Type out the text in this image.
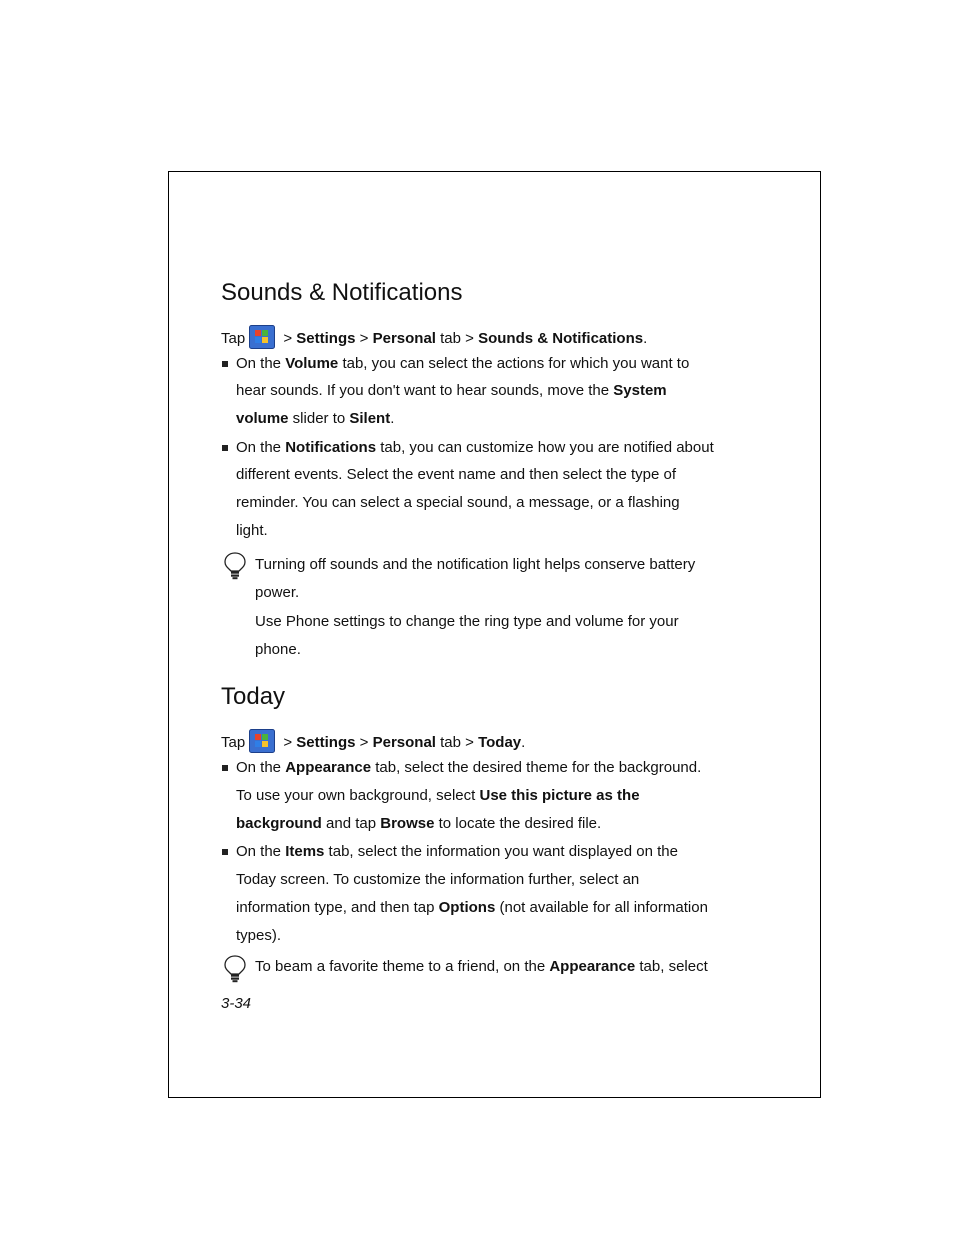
Sounds & Notifications
Tap > Settings > Personal tab > Sounds & Notifications.
On the Volume tab, you can select the actions for which you want to
hear sounds. If you don't want to hear sounds, move the System
volume slider to Silent.
On the Notifications tab, you can customize how you are notified about
different events. Select the event name and then select the type of
reminder. You can select a special sound, a message, or a flashing
light.
Turning off sounds and the notification light helps conserve battery
power.
Use Phone settings to change the ring type and volume for your
phone.
Today
Tap > Settings > Personal tab > Today.
On the Appearance tab, select the desired theme for the background.
To use your own background, select Use this picture as the
background and tap Browse to locate the desired file.
On the Items tab, select the information you want displayed on the
Today screen. To customize the information further, select an
information type, and then tap Options (not available for all information
types).
To beam a favorite theme to a friend, on the Appearance tab, select
3-34
